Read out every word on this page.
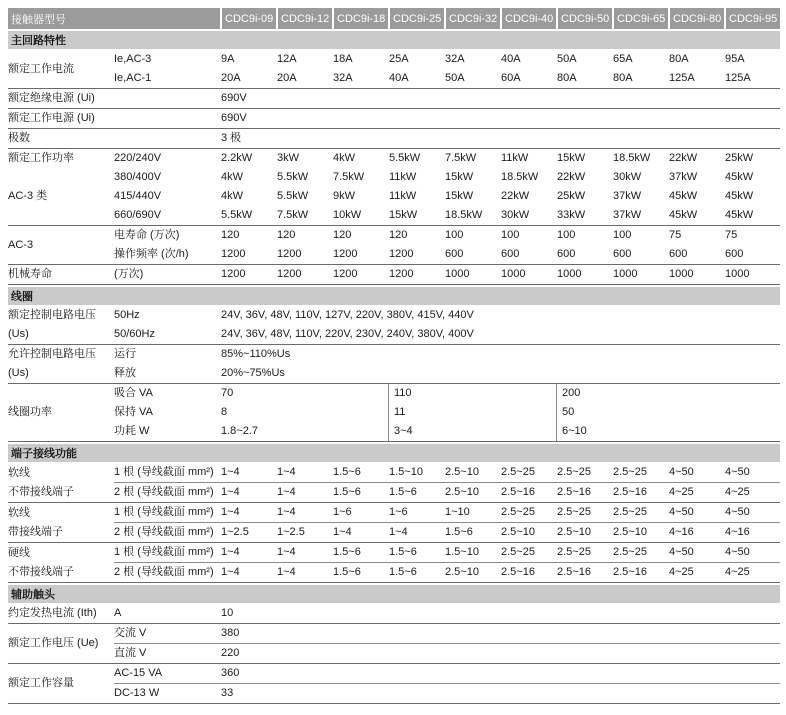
接触器型号	CDC9i-09 CDC9i-12 CDC9i-18 CDC9i-25 CDC9i-32 CDC9i-40 CDC9i-50 CDC9i-65 CDC9i-80 CDC9i-95
主回路特性
额定工作电流
Ie,AC-3	9A	12A	18A	25A	32A	40A	50A	65A	80A	95A
Ie,AC-1	20A	20A	32A	40A	50A	60A	80A	80A	125A	125A
额定绝缘电源 (Ui)	690V
额定工作电源 (Ui)	690V
极数	3 极
额定工作功率
AC-3 类
220/240V	2.2kW	3kW	4kW	5.5kW	7.5kW	11kW	15kW	18.5kW	22kW	25kW
380/400V	4kW	5.5kW	7.5kW	11kW	15kW	18.5kW	22kW	30kW	37kW	45kW
415/440V	4kW	5.5kW	9kW	11kW	15kW	22kW	25kW	37kW	45kW	45kW
660/690V	5.5kW	7.5kW	10kW	15kW	18.5kW	30kW	33kW	37kW	45kW	45kW
AC-3
电寿命 (万次)	120	120	120	120	100	100	100	100	75	75
操作频率 (次/h)	1200	1200	1200	1200	600	600	600	600	600	600
机械寿命	(万次)	1200	1200	1200	1200	1000	1000	1000	1000	1000	1000
线圈
额定控制电路电压
(Us)
50Hz	24V, 36V, 48V, 110V, 127V, 220V, 380V, 415V, 440V
50/60Hz	24V, 36V, 48V, 110V, 220V, 230V, 240V, 380V, 400V
允许控制电路电压
(Us)
运行	85%~110%Us
释放	20%~75%Us
线圈功率
吸合 VA	70	110	200
保持 VA	8	11	50
功耗 W	1.8~2.7	3~4	6~10
端子接线功能
软线
不带接线端子
1 根 (导线截面 mm²) 1~4	1~4	1.5~6	1.5~10	2.5~10	2.5~25	2.5~25	2.5~25	4~50	4~50
2 根 (导线截面 mm²) 1~4	1~4	1.5~6	1.5~6	2.5~10	2.5~16	2.5~16	2.5~16	4~25	4~25
软线
带接线端子
1 根 (导线截面 mm²) 1~4	1~4	1~6	1~6	1~10	2.5~25	2.5~25	2.5~25	4~50	4~50
2 根 (导线截面 mm²) 1~2.5	1~2.5	1~4	1~4	1.5~6	2.5~10	2.5~10	2.5~10	4~16	4~16
硬线
不带接线端子
1 根 (导线截面 mm²) 1~4	1~4	1.5~6	1.5~6	1.5~10	2.5~25	2.5~25	2.5~25	4~50	4~50
2 根 (导线截面 mm²) 1~4	1~4	1.5~6	1.5~6	2.5~10	2.5~16	2.5~16	2.5~16	4~25	4~25
辅助触头
约定发热电流 (Ith)	A	10
额定工作电压 (Ue)
交流 V	380
直流 V	220
额定工作容量
AC-15 VA	360
DC-13 W	33
